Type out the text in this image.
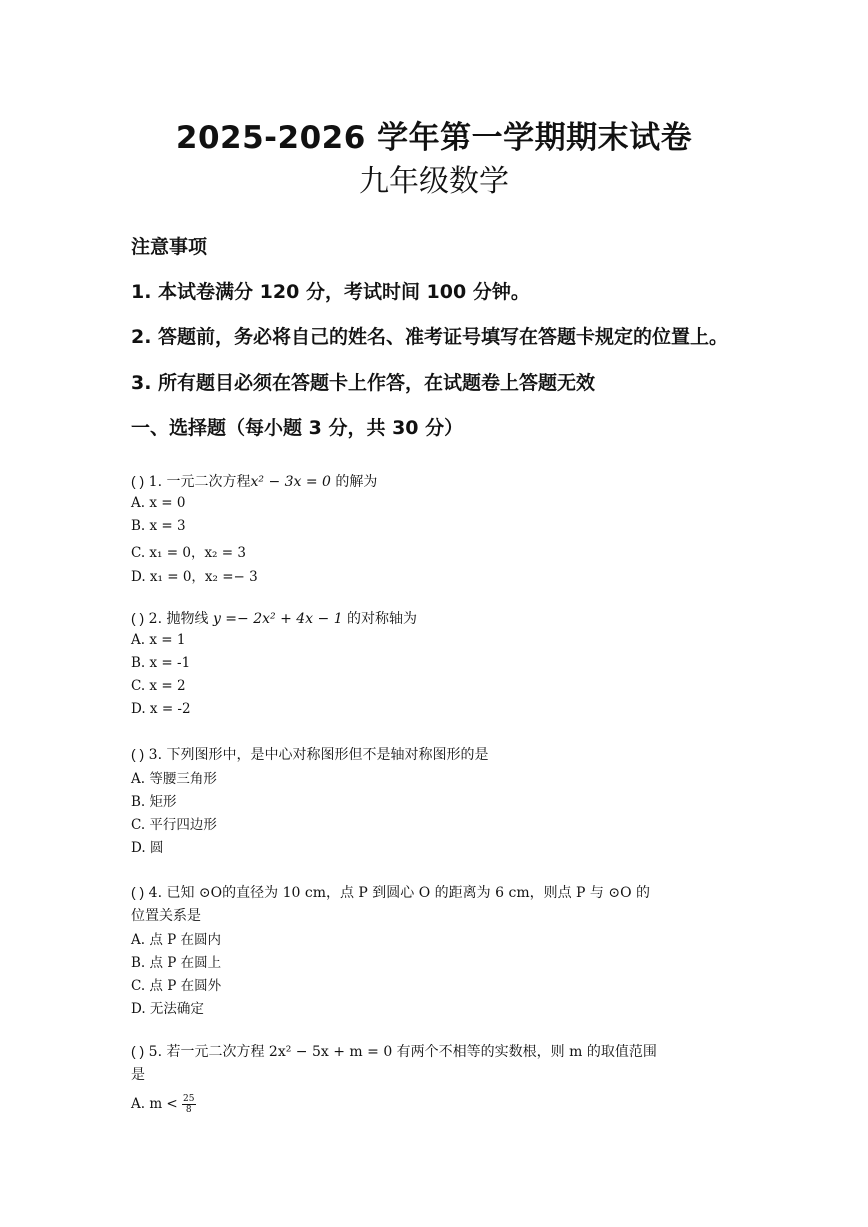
2025-2026 学年第一学期期末试卷
九年级数学
注意事项
1. 本试卷满分 120 分，考试时间 100 分钟。
2. 答题前，务必将自己的姓名、准考证号填写在答题卡规定的位置上。
3. 所有题目必须在答题卡上作答，在试题卷上答题无效
一、选择题（每小题 3 分，共 30 分）
( ) 1. 一元二次方程x² − 3x = 0 的解为
A. x = 0
B. x = 3
C. x₁ = 0，x₂ = 3
D. x₁ = 0，x₂ =− 3
( ) 2. 抛物线 y =− 2x² + 4x − 1 的对称轴为
A. x = 1
B. x = -1
C. x = 2
D. x = -2
( ) 3. 下列图形中，是中心对称图形但不是轴对称图形的是
A. 等腰三角形
B. 矩形
C. 平行四边形
D. 圆
( ) 4. 已知 ⊙O的直径为 10 cm，点 P 到圆心 O 的距离为 6 cm，则点 P 与 ⊙O 的
位置关系是
A. 点 P 在圆内
B. 点 P 在圆上
C. 点 P 在圆外
D. 无法确定
( ) 5. 若一元二次方程 2x² − 5x + m = 0 有两个不相等的实数根，则 m 的取值范围
是
A. $m < \frac{25}{8}$
